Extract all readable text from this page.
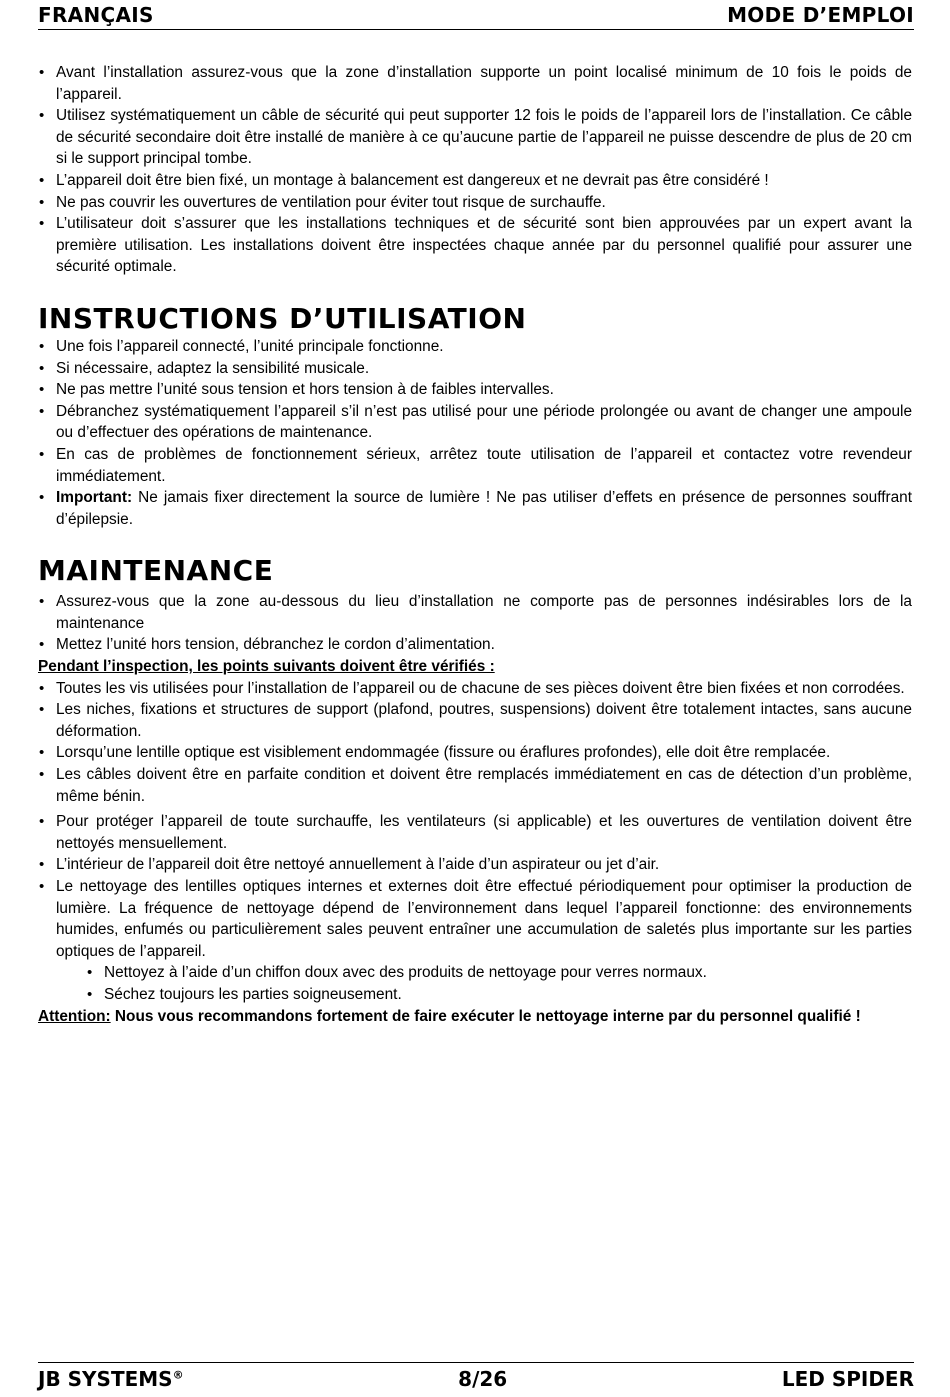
FRANÇAIS	MODE D’EMPLOI
• Avant l’installation assurez-vous que la zone d’installation supporte un point localisé minimum de 10 fois le poids de l’appareil.
• Utilisez systématiquement un câble de sécurité qui peut supporter 12 fois le poids de l’appareil lors de l’installation. Ce câble de sécurité secondaire doit être installé de manière à ce qu’aucune partie de l’appareil ne puisse descendre de plus de 20 cm si le support principal tombe.
• L’appareil doit être bien fixé, un montage à balancement est dangereux et ne devrait pas être considéré !
• Ne pas couvrir les ouvertures de ventilation pour éviter tout risque de surchauffe.
• L’utilisateur doit s’assurer que les installations techniques et de sécurité sont bien approuvées par un expert avant la première utilisation. Les installations doivent être inspectées chaque année par du personnel qualifié pour assurer une sécurité optimale.
INSTRUCTIONS D’UTILISATION
• Une fois l’appareil connecté, l’unité principale fonctionne.
• Si nécessaire, adaptez la sensibilité musicale.
• Ne pas mettre l’unité sous tension et hors tension à de faibles intervalles.
• Débranchez systématiquement l’appareil s’il n’est pas utilisé pour une période prolongée ou avant de changer une ampoule ou d’effectuer des opérations de maintenance.
• En cas de problèmes de fonctionnement sérieux, arrêtez toute utilisation de l’appareil et contactez votre revendeur immédiatement.
• Important: Ne jamais fixer directement la source de lumière ! Ne pas utiliser d’effets en présence de personnes souffrant d’épilepsie.
MAINTENANCE
• Assurez-vous que la zone au-dessous du lieu d’installation ne comporte pas de personnes indésirables lors de la maintenance
• Mettez l’unité hors tension, débranchez le cordon d’alimentation.
Pendant l’inspection, les points suivants doivent être vérifiés :
• Toutes les vis utilisées pour l’installation de l’appareil ou de chacune de ses pièces doivent être bien fixées et non corrodées.
• Les niches, fixations et structures de support (plafond, poutres, suspensions) doivent être totalement intactes, sans aucune déformation.
• Lorsqu’une lentille optique est visiblement endommagée (fissure ou éraflures profondes), elle doit être remplacée.
• Les câbles doivent être en parfaite condition et doivent être remplacés immédiatement en cas de détection d’un problème, même bénin.
• Pour protéger l’appareil de toute surchauffe, les ventilateurs (si applicable) et les ouvertures de ventilation doivent être nettoyés mensuellement.
• L’intérieur de l’appareil doit être nettoyé annuellement à l’aide d’un aspirateur ou jet d’air.
• Le nettoyage des lentilles optiques internes et externes doit être effectué périodiquement pour optimiser la production de lumière. La fréquence de nettoyage dépend de l’environnement dans lequel l’appareil fonctionne: des environnements humides, enfumés ou particulièrement sales peuvent entraîner une accumulation de saletés plus importante sur les parties optiques de l’appareil.
• Nettoyez à l’aide d’un chiffon doux avec des produits de nettoyage pour verres normaux.
• Séchez toujours les parties soigneusement.
Attention: Nous vous recommandons fortement de faire exécuter le nettoyage interne par du personnel qualifié !
JB SYSTEMS®	8/26	LED SPIDER
